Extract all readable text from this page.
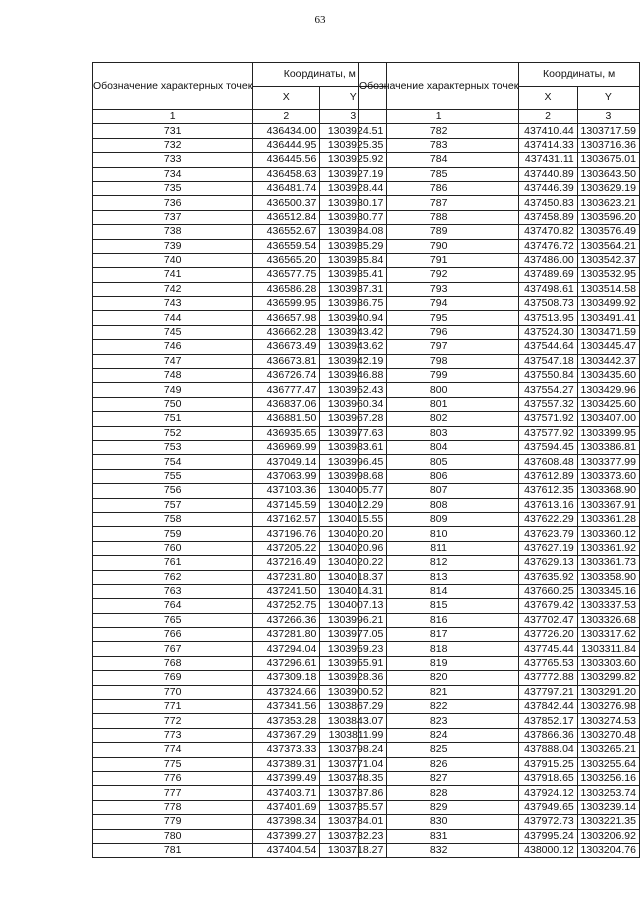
63
Обозначение характерных точек	Координаты, м	
	X	Y
1	2	3
731	436434.00	1303924.51
732	436444.95	1303925.35
733	436445.56	1303925.92
734	436458.63	1303927.19
735	436481.74	1303928.44
736	436500.37	1303930.17
737	436512.84	1303930.77
738	436552.67	1303934.08
739	436559.54	1303935.29
740	436565.20	1303935.84
741	436577.75	1303935.41
742	436586.28	1303937.31
743	436599.95	1303936.75
744	436657.98	1303940.94
745	436662.28	1303943.42
746	436673.49	1303943.62
747	436673.81	1303942.19
748	436726.74	1303946.88
749	436777.47	1303952.43
750	436837.06	1303960.34
751	436881.50	1303967.28
752	436935.65	1303977.63
753	436969.99	1303983.61
754	437049.14	1303996.45
755	437063.99	1303998.68
756	437103.36	1304005.77
757	437145.59	1304012.29
758	437162.57	1304015.55
759	437196.76	1304020.20
760	437205.22	1304020.96
761	437216.49	1304020.22
762	437231.80	1304018.37
763	437241.50	1304014.31
764	437252.75	1304007.13
765	437266.36	1303996.21
766	437281.80	1303977.05
767	437294.04	1303959.23
768	437296.61	1303955.91
769	437309.18	1303928.36
770	437324.66	1303900.52
771	437341.56	1303867.29
772	437353.28	1303843.07
773	437367.29	1303811.99
774	437373.33	1303798.24
775	437389.31	1303771.04
776	437399.49	1303748.35
777	437403.71	1303737.86
778	437401.69	1303735.57
779	437398.34	1303734.01
780	437399.27	1303732.23
781	437404.54	1303718.27
Обозначение характерных точек	Координаты, м	
	X	Y
1	2	3
782	437410.44	1303717.59
783	437414.33	1303716.36
784	437431.11	1303675.01
785	437440.89	1303643.50
786	437446.39	1303629.19
787	437450.83	1303623.21
788	437458.89	1303596.20
789	437470.82	1303576.49
790	437476.72	1303564.21
791	437486.00	1303542.37
792	437489.69	1303532.95
793	437498.61	1303514.58
794	437508.73	1303499.92
795	437513.95	1303491.41
796	437524.30	1303471.59
797	437544.64	1303445.47
798	437547.18	1303442.37
799	437550.84	1303435.60
800	437554.27	1303429.96
801	437557.32	1303425.60
802	437571.92	1303407.00
803	437577.92	1303399.95
804	437594.45	1303386.81
805	437608.48	1303377.99
806	437612.89	1303373.60
807	437612.35	1303368.90
808	437613.16	1303367.91
809	437622.29	1303361.28
810	437623.79	1303360.12
811	437627.19	1303361.92
812	437629.13	1303361.73
813	437635.92	1303358.90
814	437660.25	1303345.16
815	437679.42	1303337.53
816	437702.47	1303326.68
817	437726.20	1303317.62
818	437745.44	1303311.84
819	437765.53	1303303.60
820	437772.88	1303299.82
821	437797.21	1303291.20
822	437842.44	1303276.98
823	437852.17	1303274.53
824	437866.36	1303270.48
825	437888.04	1303265.21
826	437915.25	1303255.64
827	437918.65	1303256.16
828	437924.12	1303253.74
829	437949.65	1303239.14
830	437972.73	1303221.35
831	437995.24	1303206.92
832	438000.12	1303204.76
